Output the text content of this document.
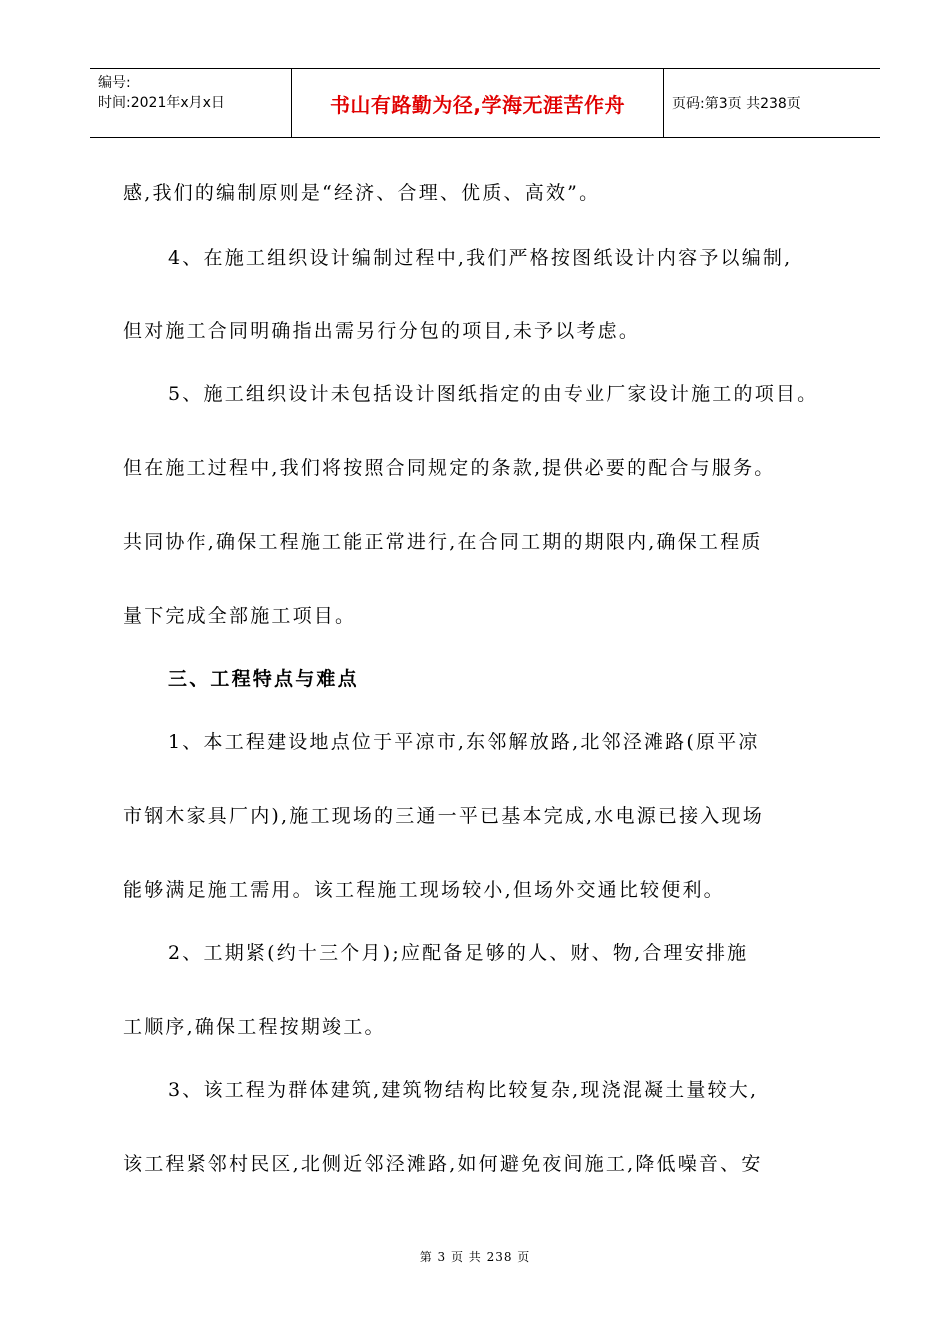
编号:
时间:2021年x月x日	书山有路勤为径,学海无涯苦作舟	页码:第3页 共238页

感,我们的编制原则是“经济、合理、优质、高效”。

4、在施工组织设计编制过程中,我们严格按图纸设计内容予以编制,

但对施工合同明确指出需另行分包的项目,未予以考虑。

5、施工组织设计未包括设计图纸指定的由专业厂家设计施工的项目。

但在施工过程中,我们将按照合同规定的条款,提供必要的配合与服务。

共同协作,确保工程施工能正常进行,在合同工期的期限内,确保工程质

量下完成全部施工项目。

三、工程特点与难点

1、本工程建设地点位于平凉市,东邻解放路,北邻泾滩路(原平凉

市钢木家具厂内),施工现场的三通一平已基本完成,水电源已接入现场

能够满足施工需用。该工程施工现场较小,但场外交通比较便利。

2、工期紧(约十三个月);应配备足够的人、财、物,合理安排施

工顺序,确保工程按期竣工。

3、该工程为群体建筑,建筑物结构比较复杂,现浇混凝土量较大,

该工程紧邻村民区,北侧近邻泾滩路,如何避免夜间施工,降低噪音、安

第 3 页 共 238 页
